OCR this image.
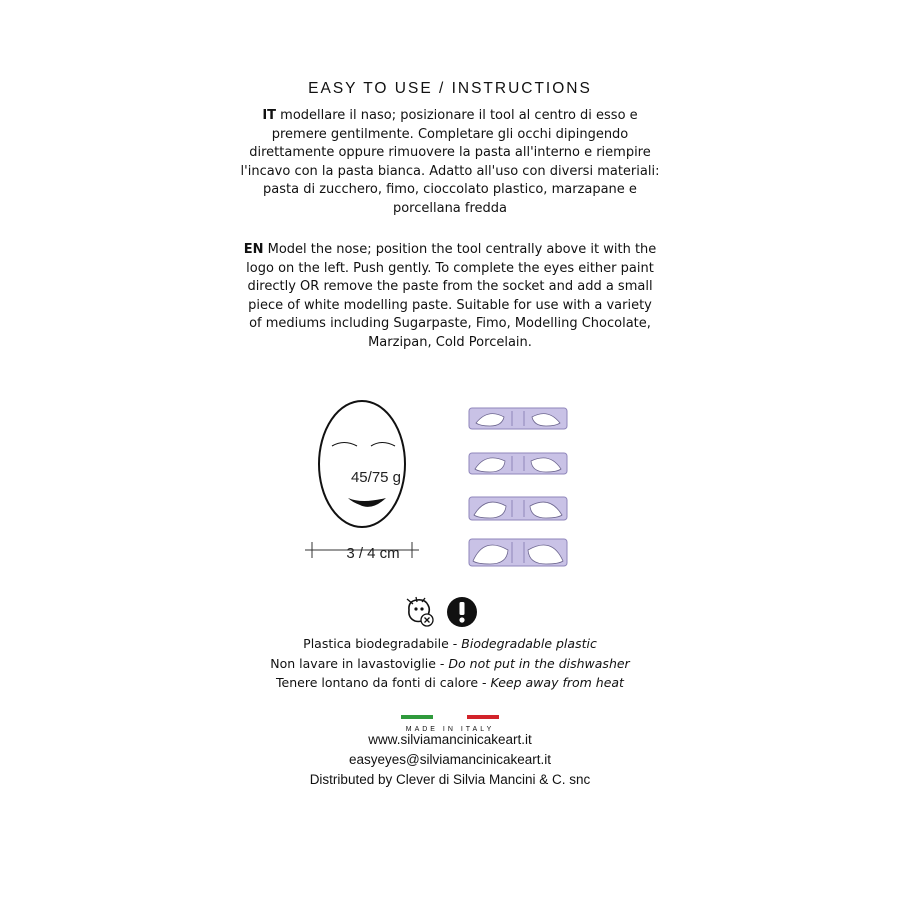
EASY TO USE / INSTRUCTIONS
IT modellare il naso; posizionare il tool al centro di esso e premere gentilmente. Completare gli occhi dipingendo direttamente oppure rimuovere la pasta all'interno e riempire l'incavo con la pasta bianca. Adatto all'uso con diversi materiali: pasta di zucchero, fimo, cioccolato plastico, marzapane e porcellana fredda
EN Model the nose; position the tool centrally above it with the logo on the left. Push gently. To complete the eyes either paint directly OR remove the paste from the socket and add a small piece of white modelling paste. Suitable for use with a variety of mediums including Sugarpaste, Fimo, Modelling Chocolate, Marzipan, Cold Porcelain.
45/75 g
3 / 4 cm
Plastica biodegradabile - Biodegradable plastic
Non lavare in lavastoviglie - Do not put in the dishwasher
Tenere lontano da fonti di calore - Keep away from heat
MADE IN ITALY
www.silviamancinicakeart.it
easyeyes@silviamancinicakeart.it
Distributed by Clever di Silvia Mancini & C. snc
